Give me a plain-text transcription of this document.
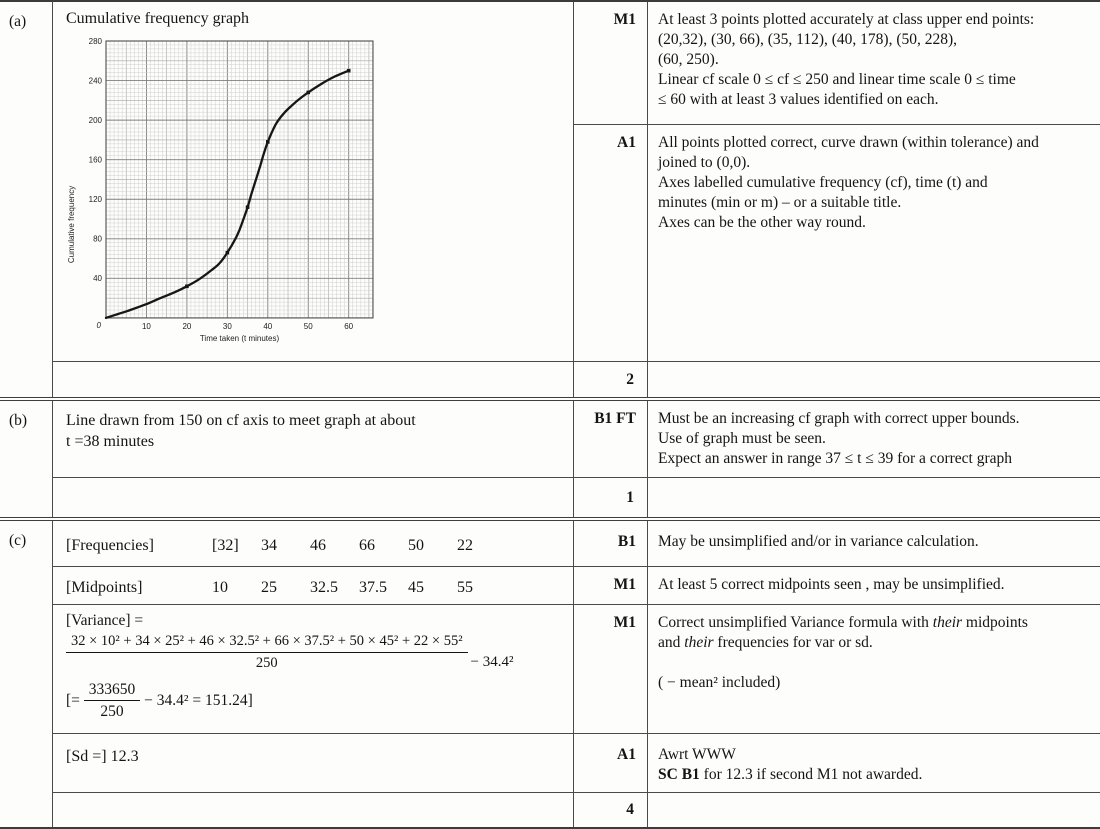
(a)	Cumulative frequency graph
40
80
120
160
200
240
280
10	20	30	40	50	60
0
Time taken (t minutes)
Cumulative frequency
M1	At least 3 points plotted accurately at class upper end points:
(20,32), (30, 66), (35, 112), (40, 178), (50, 228),
(60, 250).
Linear cf scale 0 ≤ cf ≤ 250 and linear time scale 0 ≤ time
≤ 60 with at least 3 values identified on each.
A1	All points plotted correct, curve drawn (within tolerance) and
joined to (0,0).
Axes labelled cumulative frequency (cf), time (t) and
minutes (min or m) – or a suitable title.
Axes can be the other way round.
2
(b)	Line drawn from 150 on cf axis to meet graph at about
t =38 minutes
B1 FT	Must be an increasing cf graph with correct upper bounds.
Use of graph must be seen.
Expect an answer in range 37 ≤ t ≤ 39 for a correct graph
1
(c)	[Frequencies]	[32] 34 46 66 50 22	B1	May be unsimplified and/or in variance calculation.
[Midpoints]	10 25 32.5 37.5 45 55	M1	At least 5 correct midpoints seen , may be unsimplified.
[Variance] =
32 × 10² + 34 × 25² + 46 × 32.5² + 66 × 37.5² + 50 × 45² + 22 × 55²
250	− 34.4²
[= $\frac{333650}{250} - 34.4^2 = 151.24$]
M1	Correct unsimplified Variance formula with their midpoints
and their frequencies for var or sd.
( − mean² included)
[Sd =] 12.3	A1	Awrt WWW
SC B1 for 12.3 if second M1 not awarded.
4
